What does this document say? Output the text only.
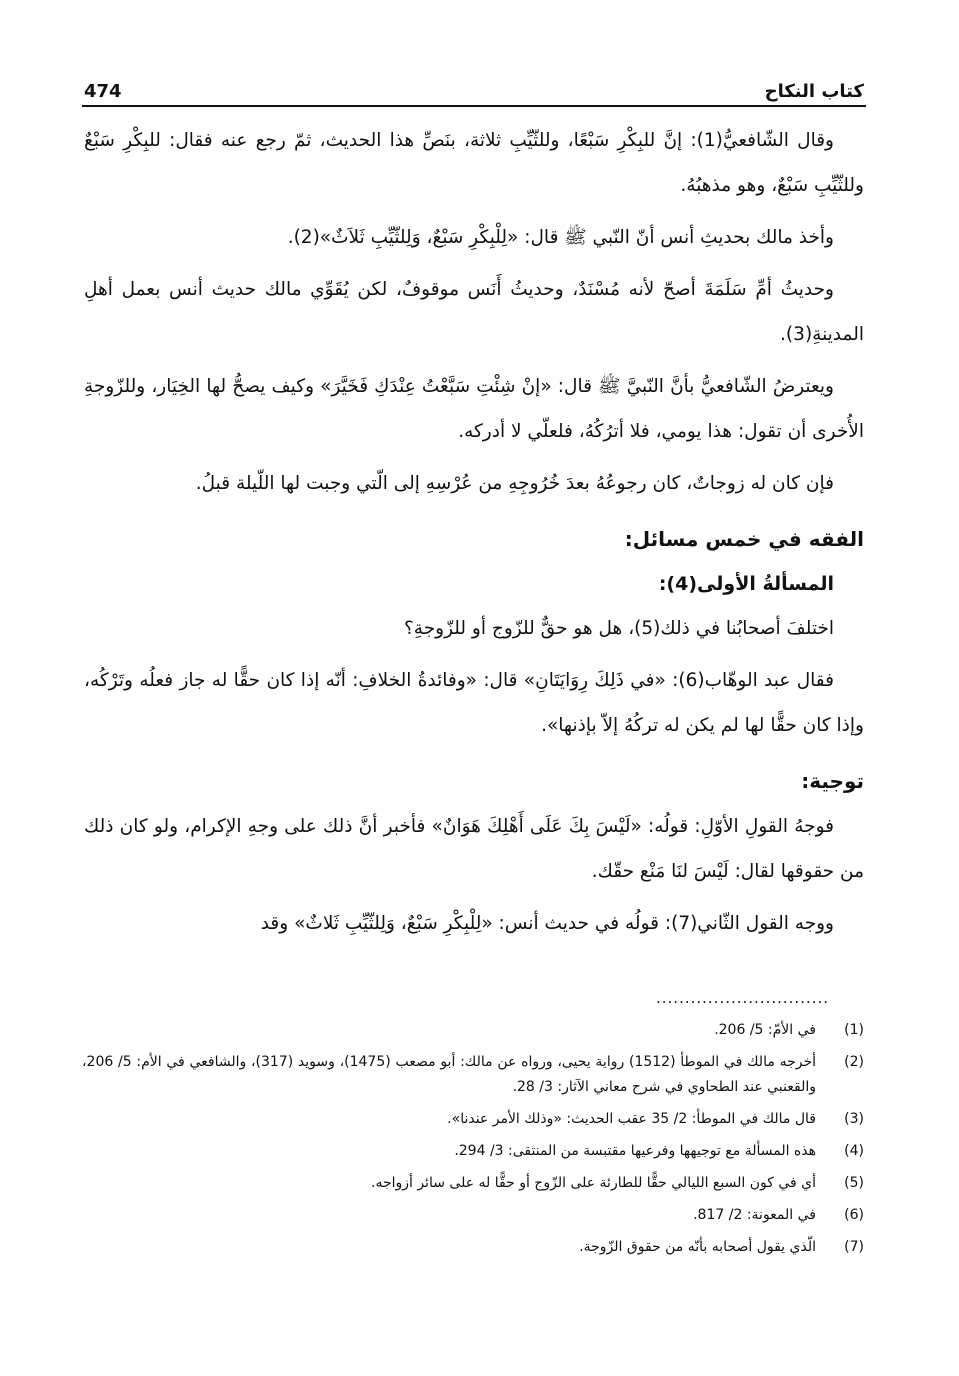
كتاب النكاح
474

وقال الشّافعيُّ(1): إنَّ للبِكْرِ سَبْعًا، وللثّيِّبِ ثلاثة، بنَصِّ هذا الحديث، ثمّ رجع عنه فقال: للبِكْرِ سَبْعٌ وللثّيِّبِ سَبْعٌ، وهو مذهبُهُ.

وأخذ مالك بحديثِ أنس أنّ النّبي ﷺ قال: «لِلْبِكْرِ سَبْعٌ، وَلِلثّيِّبِ ثَلاَثٌ»(2).

وحديثُ أمِّ سَلَمَةَ أصحّ لأنه مُسْنَدٌ، وحديثُ أَنَس موقوفٌ، لكن يُقَوِّي مالك حديث أنس بعمل أهلِ المدينةِ(3).

ويعترضُ الشّافعيُّ بأنَّ النّبيَّ ﷺ قال: «إنْ شِئْتِ سَبَّعْتُ عِنْدَكِ فَخَيَّرَ» وكيف يصحُّ لها الخِيَار، وللزّوجةِ الأُخرى أن تقول: هذا يومي، فلا أترُكُهُ، فلعلّي لا أدركه.

فإن كان له زوجاتٌ، كان رجوعُهُ بعدَ خُرُوجِهِ من عُرْسِهِ إلى الّتي وجبت لها اللّيلة قبلُ.

الفقه في خمس مسائل:
المسألةُ الأولى(4):

اختلفَ أصحابُنا في ذلك(5)، هل هو حقٌّ للزّوج أو للزّوجةِ؟

فقال عبد الوهّاب(6): «في ذَلِكَ رِوَايَتَانِ» قال: «وفائدةُ الخلافِ: أنّه إذا كان حقًّا له جاز فعلُه وتَرْكُه، وإذا كان حقًّا لها لم يكن له تركُهُ إلاّ بإذنها».

توجية:

فوجهُ القولِ الأوّلِ: قولُه: «لَيْسَ بِكَ عَلَى أَهْلِكَ هَوَانٌ» فأخبر أنَّ ذلك على وجهِ الإكرام، ولو كان ذلك من حقوقها لقال: لَيْسَ لنَا مَنْع حقّك.

ووجه القول الثّاني(7): قولُه في حديث أنس: «لِلْبِكْرِ سَبْعٌ، وَلِلثّيِّبِ ثَلاثٌ» وقد

..............................
(1)
في الأمّ: 5/ 206.
(2)
أخرجه مالك في الموطأ (1512) رواية يحيى، ورواه عن مالك: أبو مصعب (1475)، وسويد (317)، والشافعي في الأم: 5/ 206، والقعنبي عند الطحاوي في شرح معاني الآثار: 3/ 28.
(3)
قال مالك في الموطأ: 2/ 35 عقب الحديث: «وذلك الأمر عندنا».
(4)
هذه المسألة مع توجيهها وفرعيها مقتبسة من المنتقى: 3/ 294.
(5)
أي في كون السبع الليالي حقًّا للطارئة على الزّوج أو حقًّا له على سائر أزواجه.
(6)
في المعونة: 2/ 817.
(7)
الّذي يقول أصحابه بأنّه من حقوق الزّوجة.
